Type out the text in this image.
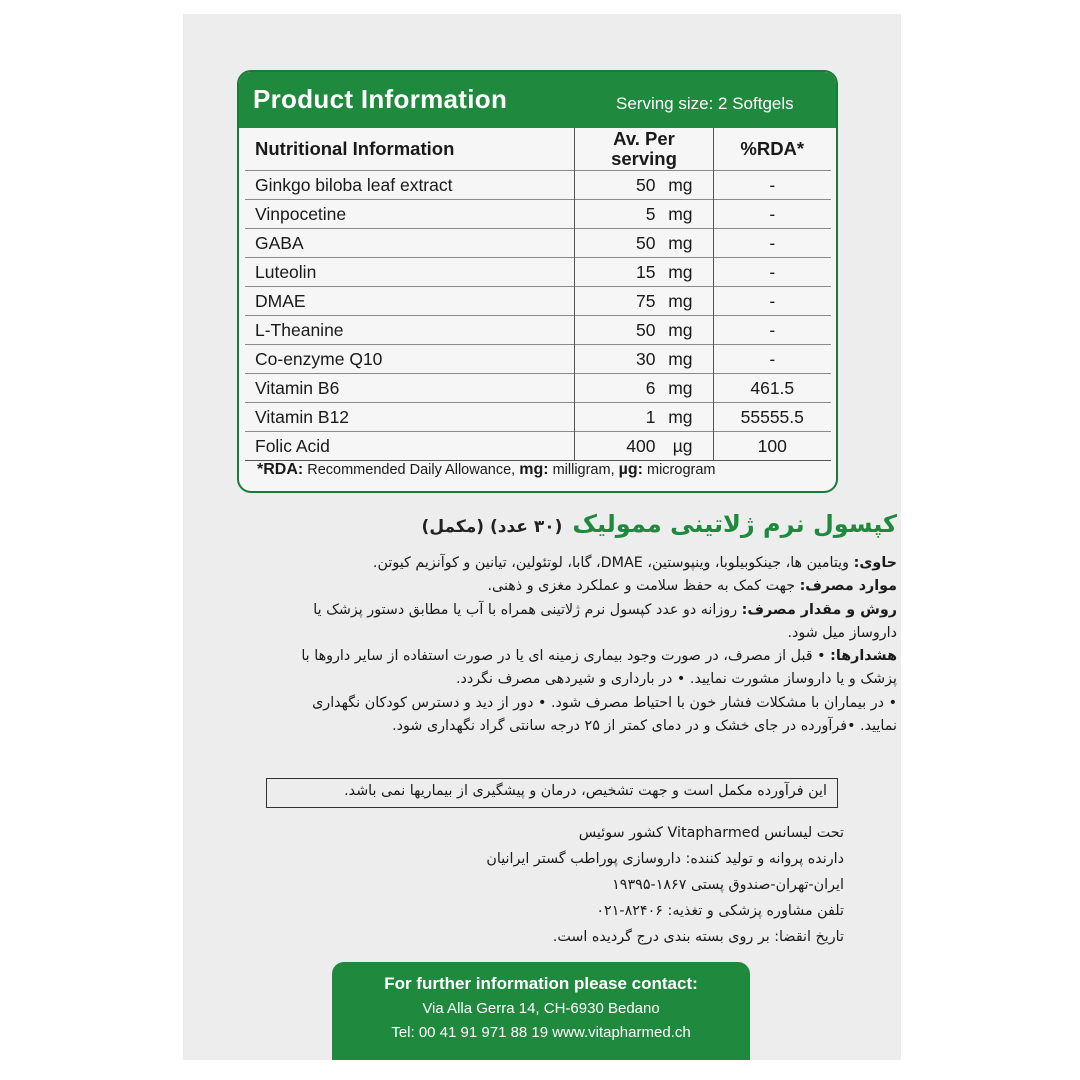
Product Information	Serving size: 2 Softgels
Nutritional Information	Av. Per serving	%RDA*
Ginkgo biloba leaf extract	50 mg	-
Vinpocetine	5 mg	-
GABA	50 mg	-
Luteolin	15 mg	-
DMAE	75 mg	-
L-Theanine	50 mg	-
Co-enzyme Q10	30 mg	-
Vitamin B6	6 mg	461.5
Vitamin B12	1 mg	55555.5
Folic Acid	400 µg	100
*RDA: Recommended Daily Allowance, mg: milligram, µg: microgram
کپسول نرم ژلاتینی ممولیک(۳۰ عدد) (مکمل)

حاوی: ویتامین ها، جینکوبیلوبا، وینپوستین، DMAE، گابا، لوتئولین، تیانین و کوآنزیم کیوتن.

موارد مصرف: جهت کمک به حفظ سلامت و عملکرد مغزی و ذهنی.

روش و مقدار مصرف: روزانه دو عدد کپسول نرم ژلاتینی همراه با آب یا مطابق دستور پزشک یا داروساز میل شود.

هشدارها: • قبل از مصرف، در صورت وجود بیماری زمینه ای یا در صورت استفاده از سایر داروها با پزشک و یا داروساز مشورت نمایید. • در بارداری و شیردهی مصرف نگردد.

• در بیماران با مشکلات فشار خون با احتیاط مصرف شود. • دور از دید و دسترس کودکان نگهداری نمایید. •فرآورده در جای خشک و در دمای کمتر از ۲۵ درجه سانتی گراد نگهداری شود.

این فرآورده مکمل است و جهت تشخیص، درمان و پیشگیری از بیماریها نمی باشد.
تحت لیسانس Vitapharmed کشور سوئیس
دارنده پروانه و تولید کننده: داروسازی پوراطب گستر ایرانیان
ایران-تهران-صندوق پستی ۱۸۶۷-۱۹۳۹۵
تلفن مشاوره پزشکی و تغذیه: ۸۲۴۰۶-۰۲۱
تاریخ انقضا: بر روی بسته بندی درج گردیده است.
For further information please contact:
Via Alla Gerra 14, CH-6930 Bedano
Tel: 00 41 91 971 88 19 www.vitapharmed.ch
